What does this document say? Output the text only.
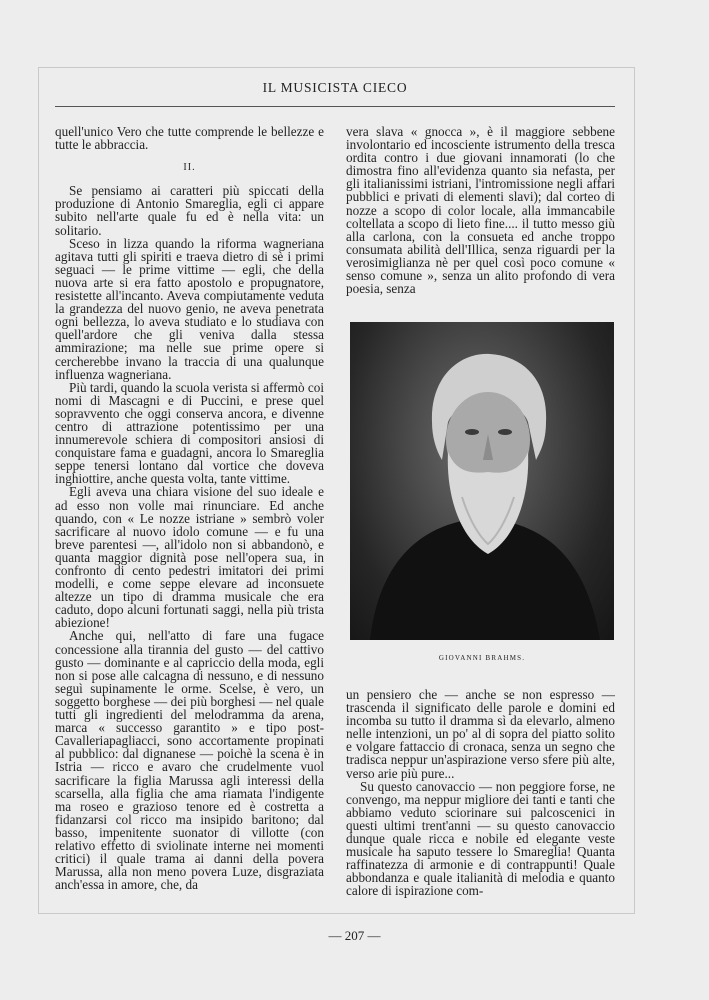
IL MUSICISTA CIECO

quell'unico Vero che tutte comprende le bellezze e tutte le abbraccia.

II.

Se pensiamo ai caratteri più spiccati della produzione di Antonio Smareglia, egli ci appare subito nell'arte quale fu ed è nella vita: un solitario.

Sceso in lizza quando la riforma wagneriana agitava tutti gli spiriti e traeva dietro di sè i primi seguaci — le prime vittime — egli, che della nuova arte si era fatto apostolo e propugnatore, resistette all'incanto. Aveva compiutamente veduta la grandezza del nuovo genio, ne aveva penetrata ogni bellezza, lo aveva studiato e lo studiava con quell'ardore che gli veniva dalla stessa ammirazione; ma nelle sue prime opere si cercherebbe invano la traccia di una qualunque influenza wagneriana.

Più tardi, quando la scuola verista si affermò coi nomi di Mascagni e di Puccini, e prese quel sopravvento che oggi conserva ancora, e divenne centro di attrazione potentissimo per una innumerevole schiera di compositori ansiosi di conquistare fama e guadagni, ancora lo Smareglia seppe tenersi lontano dal vortice che doveva inghiottire, anche questa volta, tante vittime.

Egli aveva una chiara visione del suo ideale e ad esso non volle mai rinunciare. Ed anche quando, con « Le nozze istriane » sembrò voler sacrificare al nuovo idolo comune — e fu una breve parentesi —, all'idolo non si abbandonò, e quanta maggior dignità pose nell'opera sua, in confronto di cento pedestri imitatori dei primi modelli, e come seppe elevare ad inconsuete altezze un tipo di dramma musicale che era caduto, dopo alcuni fortunati saggi, nella più trista abiezione!

Anche qui, nell'atto di fare una fugace concessione alla tirannia del gusto — del cattivo gusto — dominante e al capriccio della moda, egli non si pose alle calcagna di nessuno, e di nessuno seguì supinamente le orme. Scelse, è vero, un soggetto borghese — dei più borghesi — nel quale tutti gli ingredienti del melodramma da arena, marca « successo garantito » e tipo post-Cavalleriapagliacci, sono accortamente propinati al pubblico: dal dignanese — poichè la scena è in Istria — ricco e avaro che crudelmente vuol sacrificare la figlia Marussa agli interessi della scarsella, alla figlia che ama riamata l'indigente ma roseo e grazioso tenore ed è costretta a fidanzarsi col ricco ma insipido baritono; dal basso, impenitente suonator di villotte (con relativo effetto di sviolinate interne nei momenti critici) il quale trama ai danni della povera Marussa, alla non meno povera Luze, disgraziata anch'essa in amore, che, da

vera slava « gnocca », è il maggiore sebbene involontario ed incosciente istrumento della tresca ordita contro i due giovani innamorati (lo che dimostra fino all'evidenza quanto sia nefasta, per gli italianissimi istriani, l'intromissione negli affari pubblici e privati di elementi slavi); dal corteo di nozze a scopo di color locale, alla immancabile coltellata a scopo di lieto fine.... il tutto messo giù alla carlona, con la consueta ed anche troppo consumata abilità dell'Illica, senza riguardi per la verosimiglianza nè per quel così poco comune « senso comune », senza un alito profondo di vera poesia, senza

GIOVANNI BRAHMS.

un pensiero che — anche se non espresso — trascenda il significato delle parole e domini ed incomba su tutto il dramma sì da elevarlo, almeno nelle intenzioni, un po' al di sopra del piatto solito e volgare fattaccio di cronaca, senza un segno che tradisca neppur un'aspirazione verso sfere più alte, verso arie più pure...

Su questo canovaccio — non peggiore forse, ne convengo, ma neppur migliore dei tanti e tanti che abbiamo veduto sciorinare sui palcoscenici in questi ultimi trent'anni — su questo canovaccio dunque quale ricca e nobile ed elegante veste musicale ha saputo tessere lo Smareglia! Quanta raffinatezza di armonie e di contrappunti! Quale abbondanza e quale italianità di melodia e quanto calore di ispirazione com-

— 207 —
